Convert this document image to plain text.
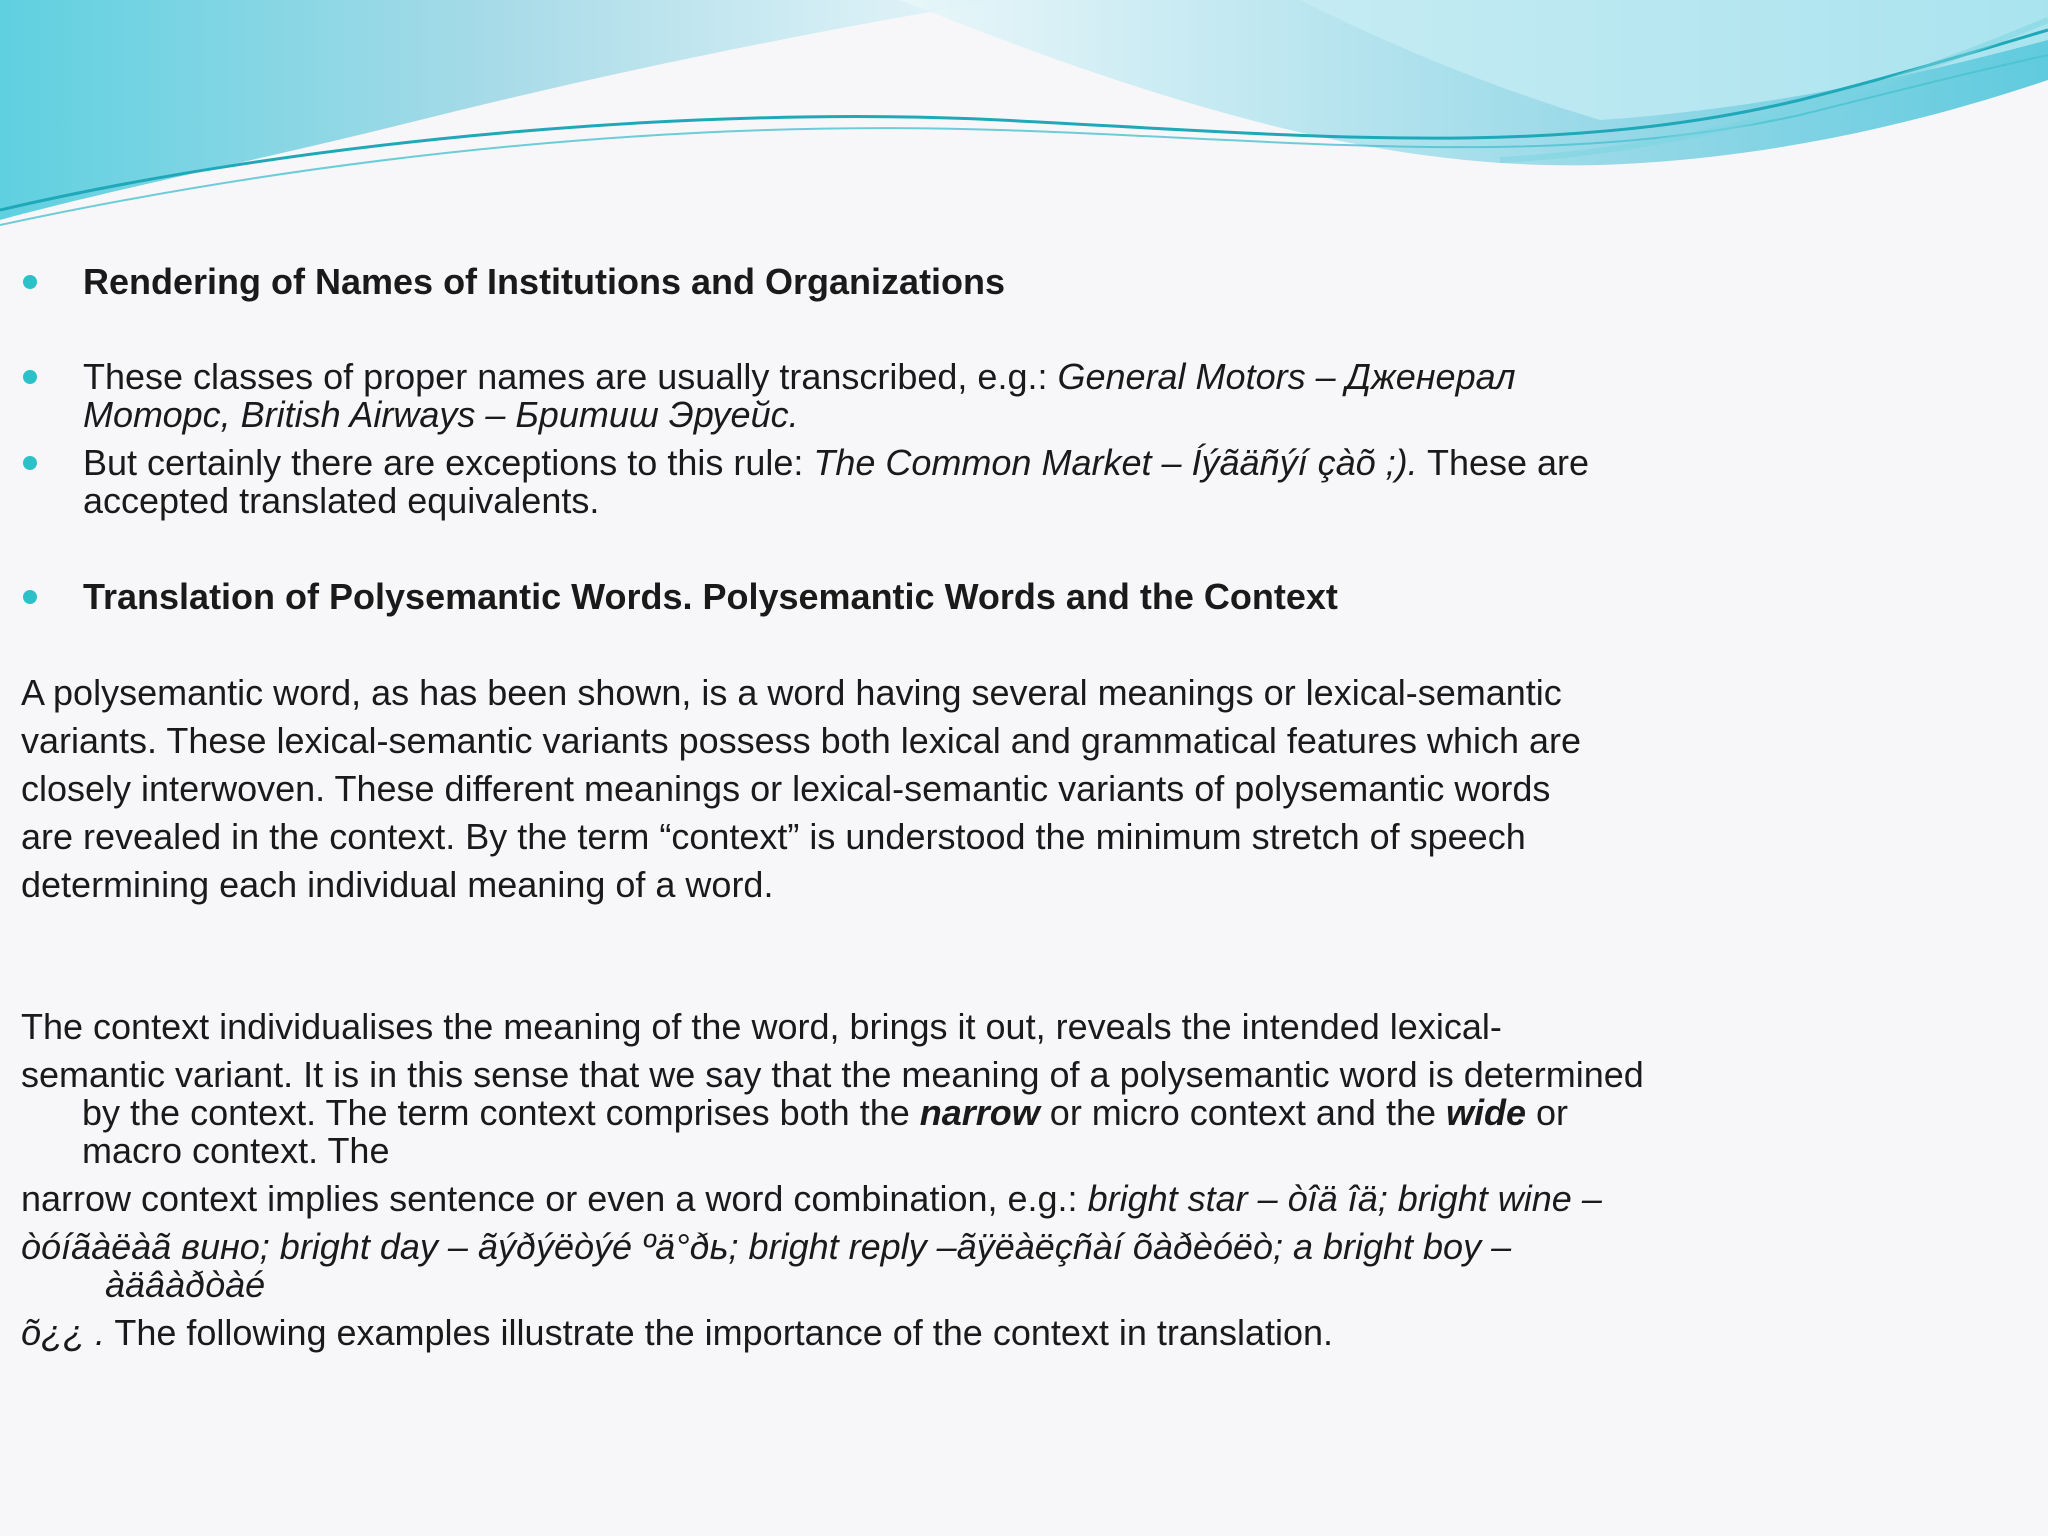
Rendering of Names of Institutions and Organizations
These classes of proper names are usually transcribed, e.g.: General Motors – Дженерал
Моторс, British Airways – Бритиш Эруейс.
But certainly there are exceptions to this rule: The Common Market – Íýãäñýí çàõ ;). These are
accepted translated equivalents.
Translation of Polysemantic Words. Polysemantic Words and the Context
A polysemantic word, as has been shown, is a word having several meanings or lexical-semantic
variants. These lexical-semantic variants possess both lexical and grammatical features which are
closely interwoven. These different meanings or lexical-semantic variants of polysemantic words
are revealed in the context. By the term “context” is understood the minimum stretch of speech
determining each individual meaning of a word.
The context individualises the meaning of the word, brings it out, reveals the intended lexical-
semantic variant. It is in this sense that we say that the meaning of a polysemantic word is determined
by the context. The term context comprises both the narrow or micro context and the wide or
macro context. The
narrow context implies sentence or even a word combination, e.g.: bright star – òîä îä; bright wine –
òóíãàëàã вино; bright day – ãýðýëòýé ºä°ðь; bright reply –ãÿëàëçñàí õàðèóëò; a bright boy –
àäâàðòàé
õ¿¿ . The following examples illustrate the importance of the context in translation.
